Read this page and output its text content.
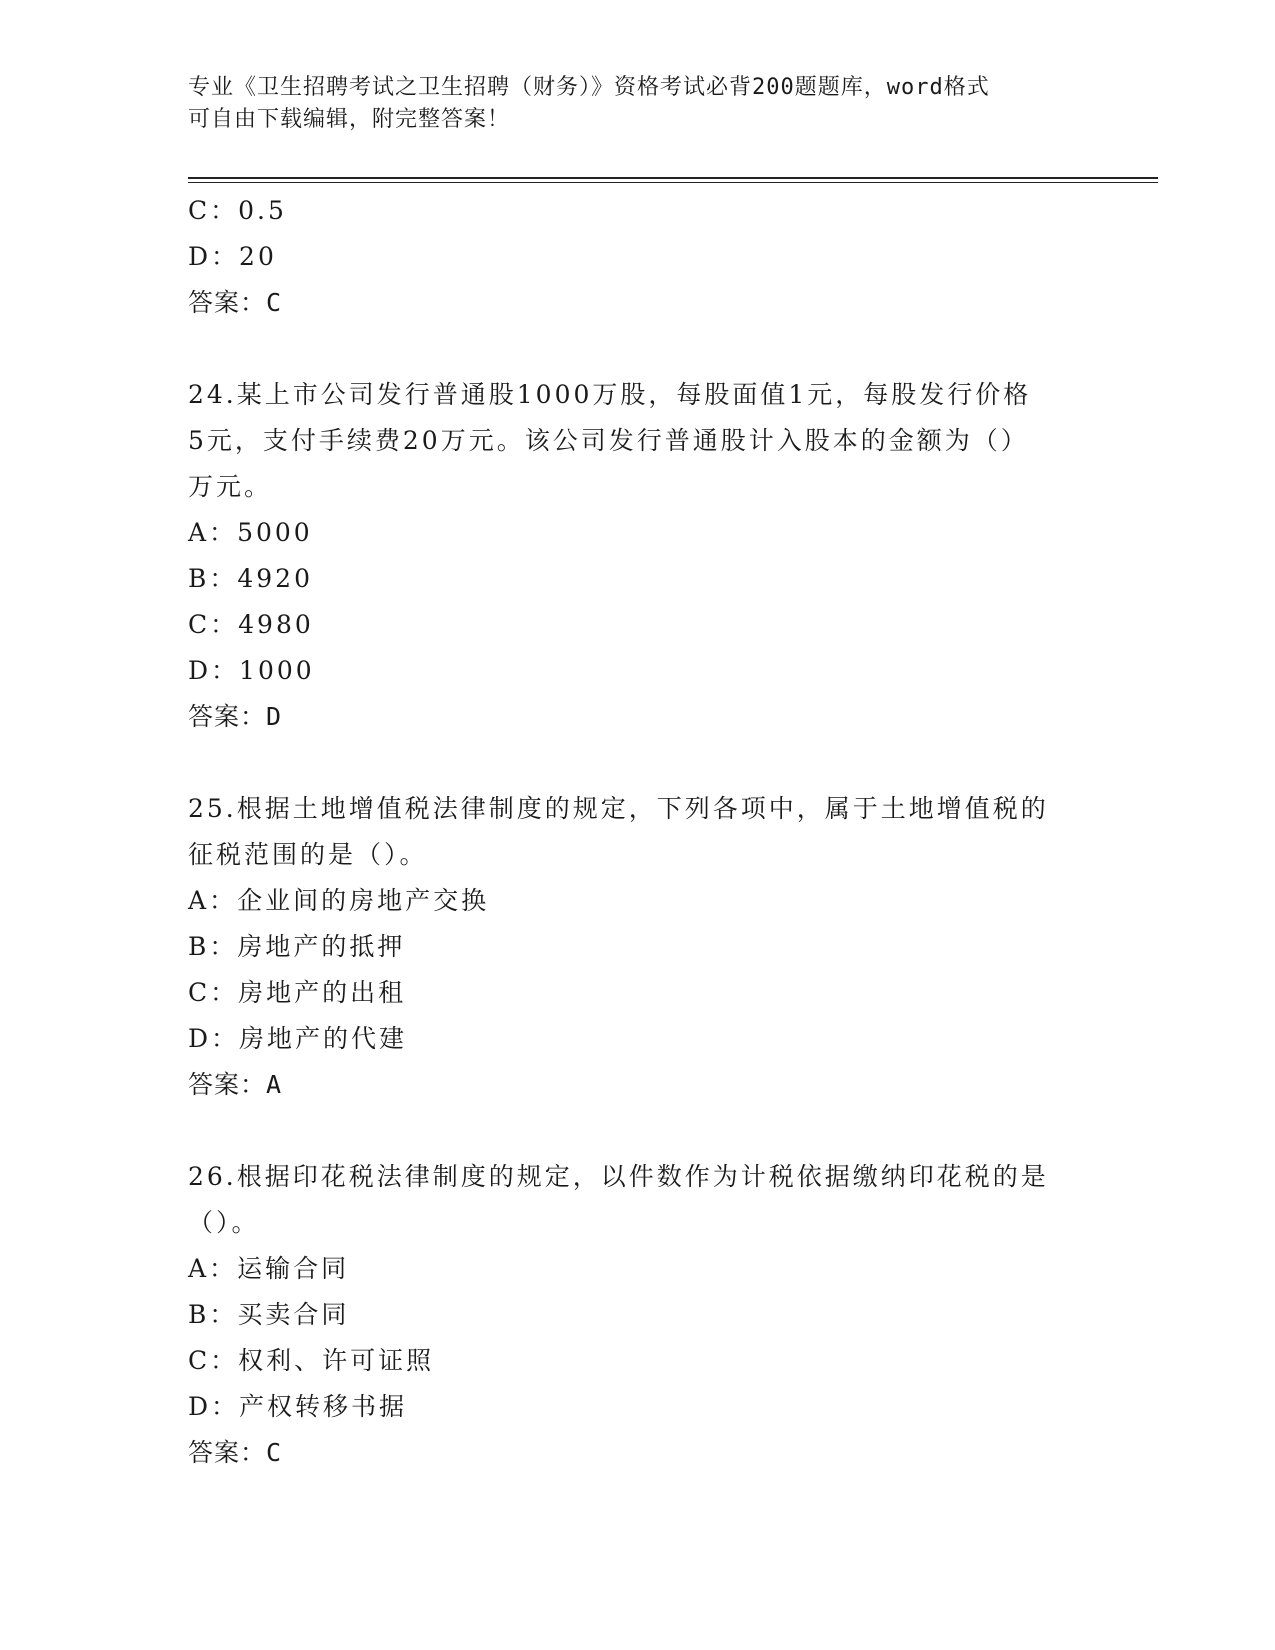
专业《卫生招聘考试之卫生招聘（财务）》资格考试必背200题题库，word格式
可自由下载编辑，附完整答案！
C：0.5
D：20
答案：C
24.某上市公司发行普通股1000万股，每股面值1元，每股发行价格
5元，支付手续费20万元。该公司发行普通股计入股本的金额为（）
万元。
A：5000
B：4920
C：4980
D：1000
答案：D
25.根据土地增值税法律制度的规定，下列各项中，属于土地增值税的
征税范围的是（）。
A：企业间的房地产交换
B：房地产的抵押
C：房地产的出租
D：房地产的代建
答案：A
26.根据印花税法律制度的规定，以件数作为计税依据缴纳印花税的是
（）。
A：运输合同
B：买卖合同
C：权利、许可证照
D：产权转移书据
答案：C
